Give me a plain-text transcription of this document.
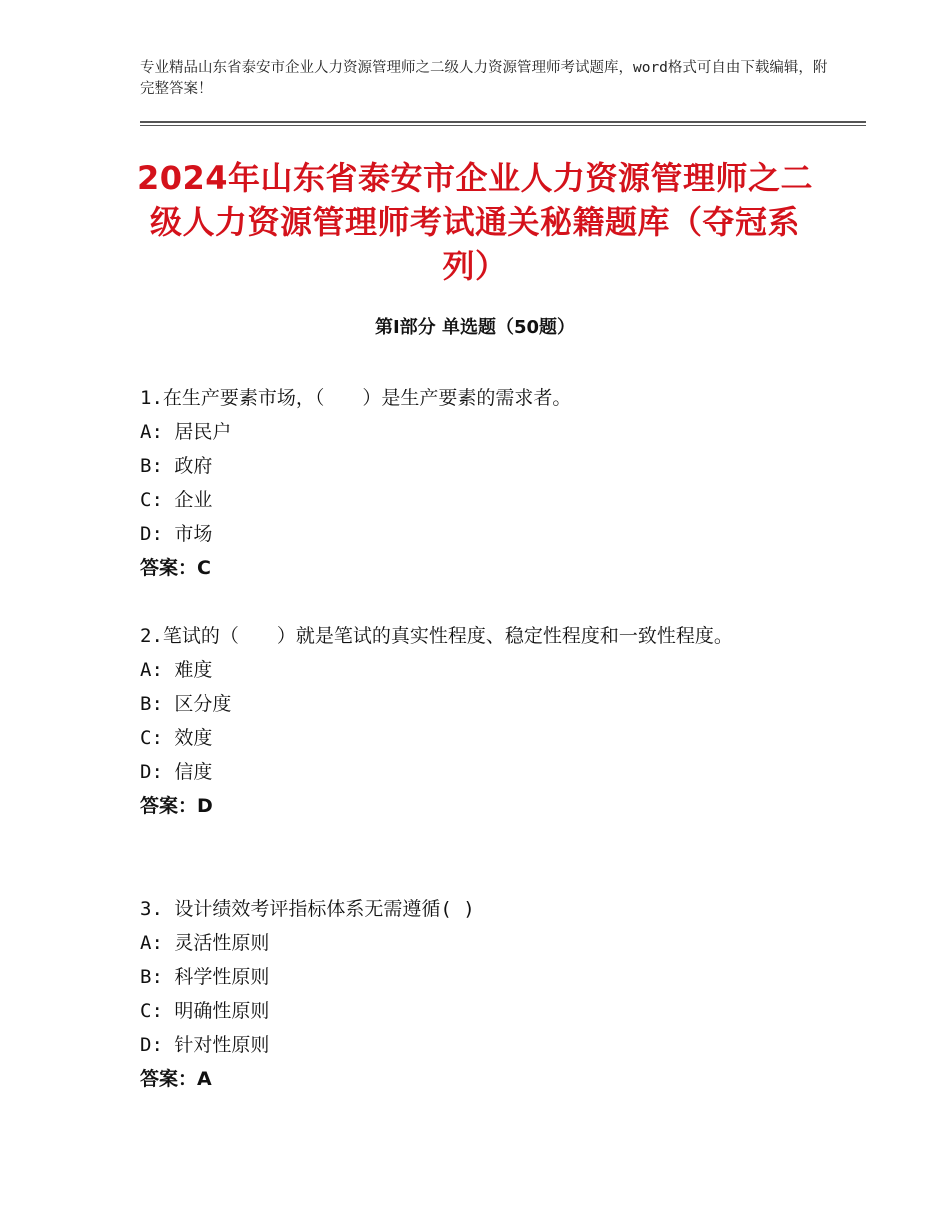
专业精品山东省泰安市企业人力资源管理师之二级人力资源管理师考试题库，word格式可自由下载编辑，附完整答案！
2024年山东省泰安市企业人力资源管理师之二级人力资源管理师考试通关秘籍题库（夺冠系列）
第Ⅰ部分 单选题（50题）

1.在生产要素市场，（　　）是生产要素的需求者。

A: 居民户

B: 政府

C: 企业

D: 市场

答案：C

2.笔试的（　　）就是笔试的真实性程度、稳定性程度和一致性程度。

A: 难度

B: 区分度

C: 效度

D: 信度

答案：D

3. 设计绩效考评指标体系无需遵循( )

A: 灵活性原则

B: 科学性原则

C: 明确性原则

D: 针对性原则

答案：A
